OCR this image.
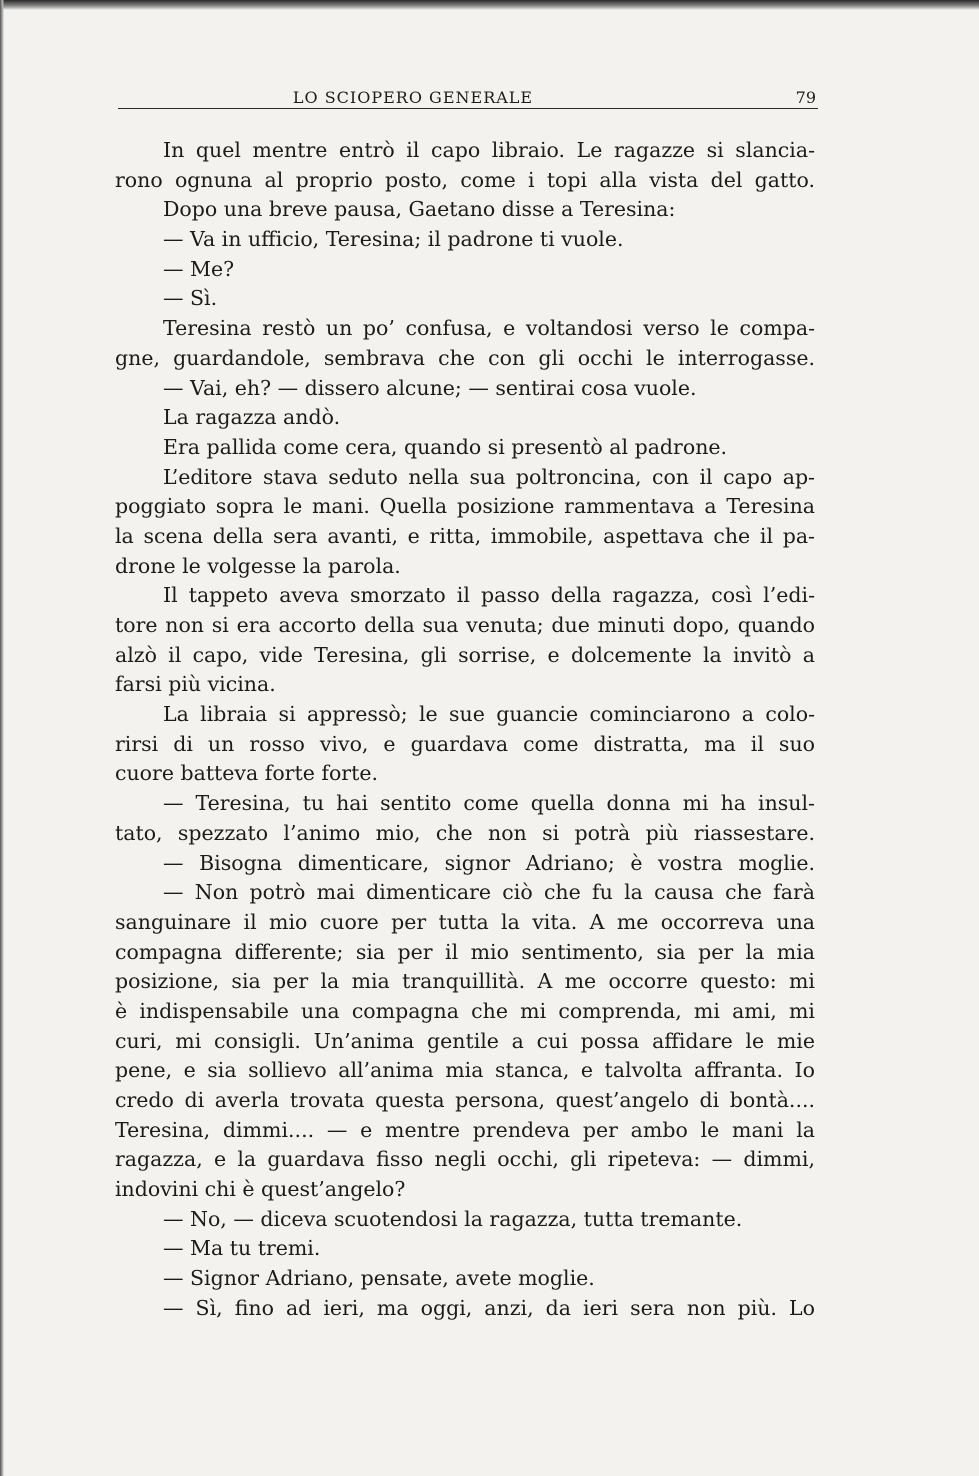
LO SCIOPERO GENERALE	79
In quel mentre entrò il capo libraio. Le ragazze si slancia-
rono ognuna al proprio posto, come i topi alla vista del gatto.
Dopo una breve pausa, Gaetano disse a Teresina:
— Va in ufficio, Teresina; il padrone ti vuole.
— Me?
— Sì.
Teresina restò un po’ confusa, e voltandosi verso le compa-
gne, guardandole, sembrava che con gli occhi le interrogasse.
— Vai, eh? — dissero alcune; — sentirai cosa vuole.
La ragazza andò.
Era pallida come cera, quando si presentò al padrone.
L’editore stava seduto nella sua poltroncina, con il capo ap-
poggiato sopra le mani. Quella posizione rammentava a Teresina
la scena della sera avanti, e ritta, immobile, aspettava che il pa-
drone le volgesse la parola.
Il tappeto aveva smorzato il passo della ragazza, così l’edi-
tore non si era accorto della sua venuta; due minuti dopo, quando
alzò il capo, vide Teresina, gli sorrise, e dolcemente la invitò a
farsi più vicina.
La libraia si appressò; le sue guancie cominciarono a colo-
rirsi di un rosso vivo, e guardava come distratta, ma il suo
cuore batteva forte forte.
— Teresina, tu hai sentito come quella donna mi ha insul-
tato, spezzato l’animo mio, che non si potrà più riassestare.
— Bisogna dimenticare, signor Adriano; è vostra moglie.
— Non potrò mai dimenticare ciò che fu la causa che farà
sanguinare il mio cuore per tutta la vita. A me occorreva una
compagna differente; sia per il mio sentimento, sia per la mia
posizione, sia per la mia tranquillità. A me occorre questo: mi
è indispensabile una compagna che mi comprenda, mi ami, mi
curi, mi consigli. Un’anima gentile a cui possa affidare le mie
pene, e sia sollievo all’anima mia stanca, e talvolta affranta. Io
credo di averla trovata questa persona, quest’angelo di bontà....
Teresina, dimmi.... — e mentre prendeva per ambo le mani la
ragazza, e la guardava fisso negli occhi, gli ripeteva: — dimmi,
indovini chi è quest’angelo?
— No, — diceva scuotendosi la ragazza, tutta tremante.
— Ma tu tremi.
— Signor Adriano, pensate, avete moglie.
— Sì, fino ad ieri, ma oggi, anzi, da ieri sera non più. Lo
